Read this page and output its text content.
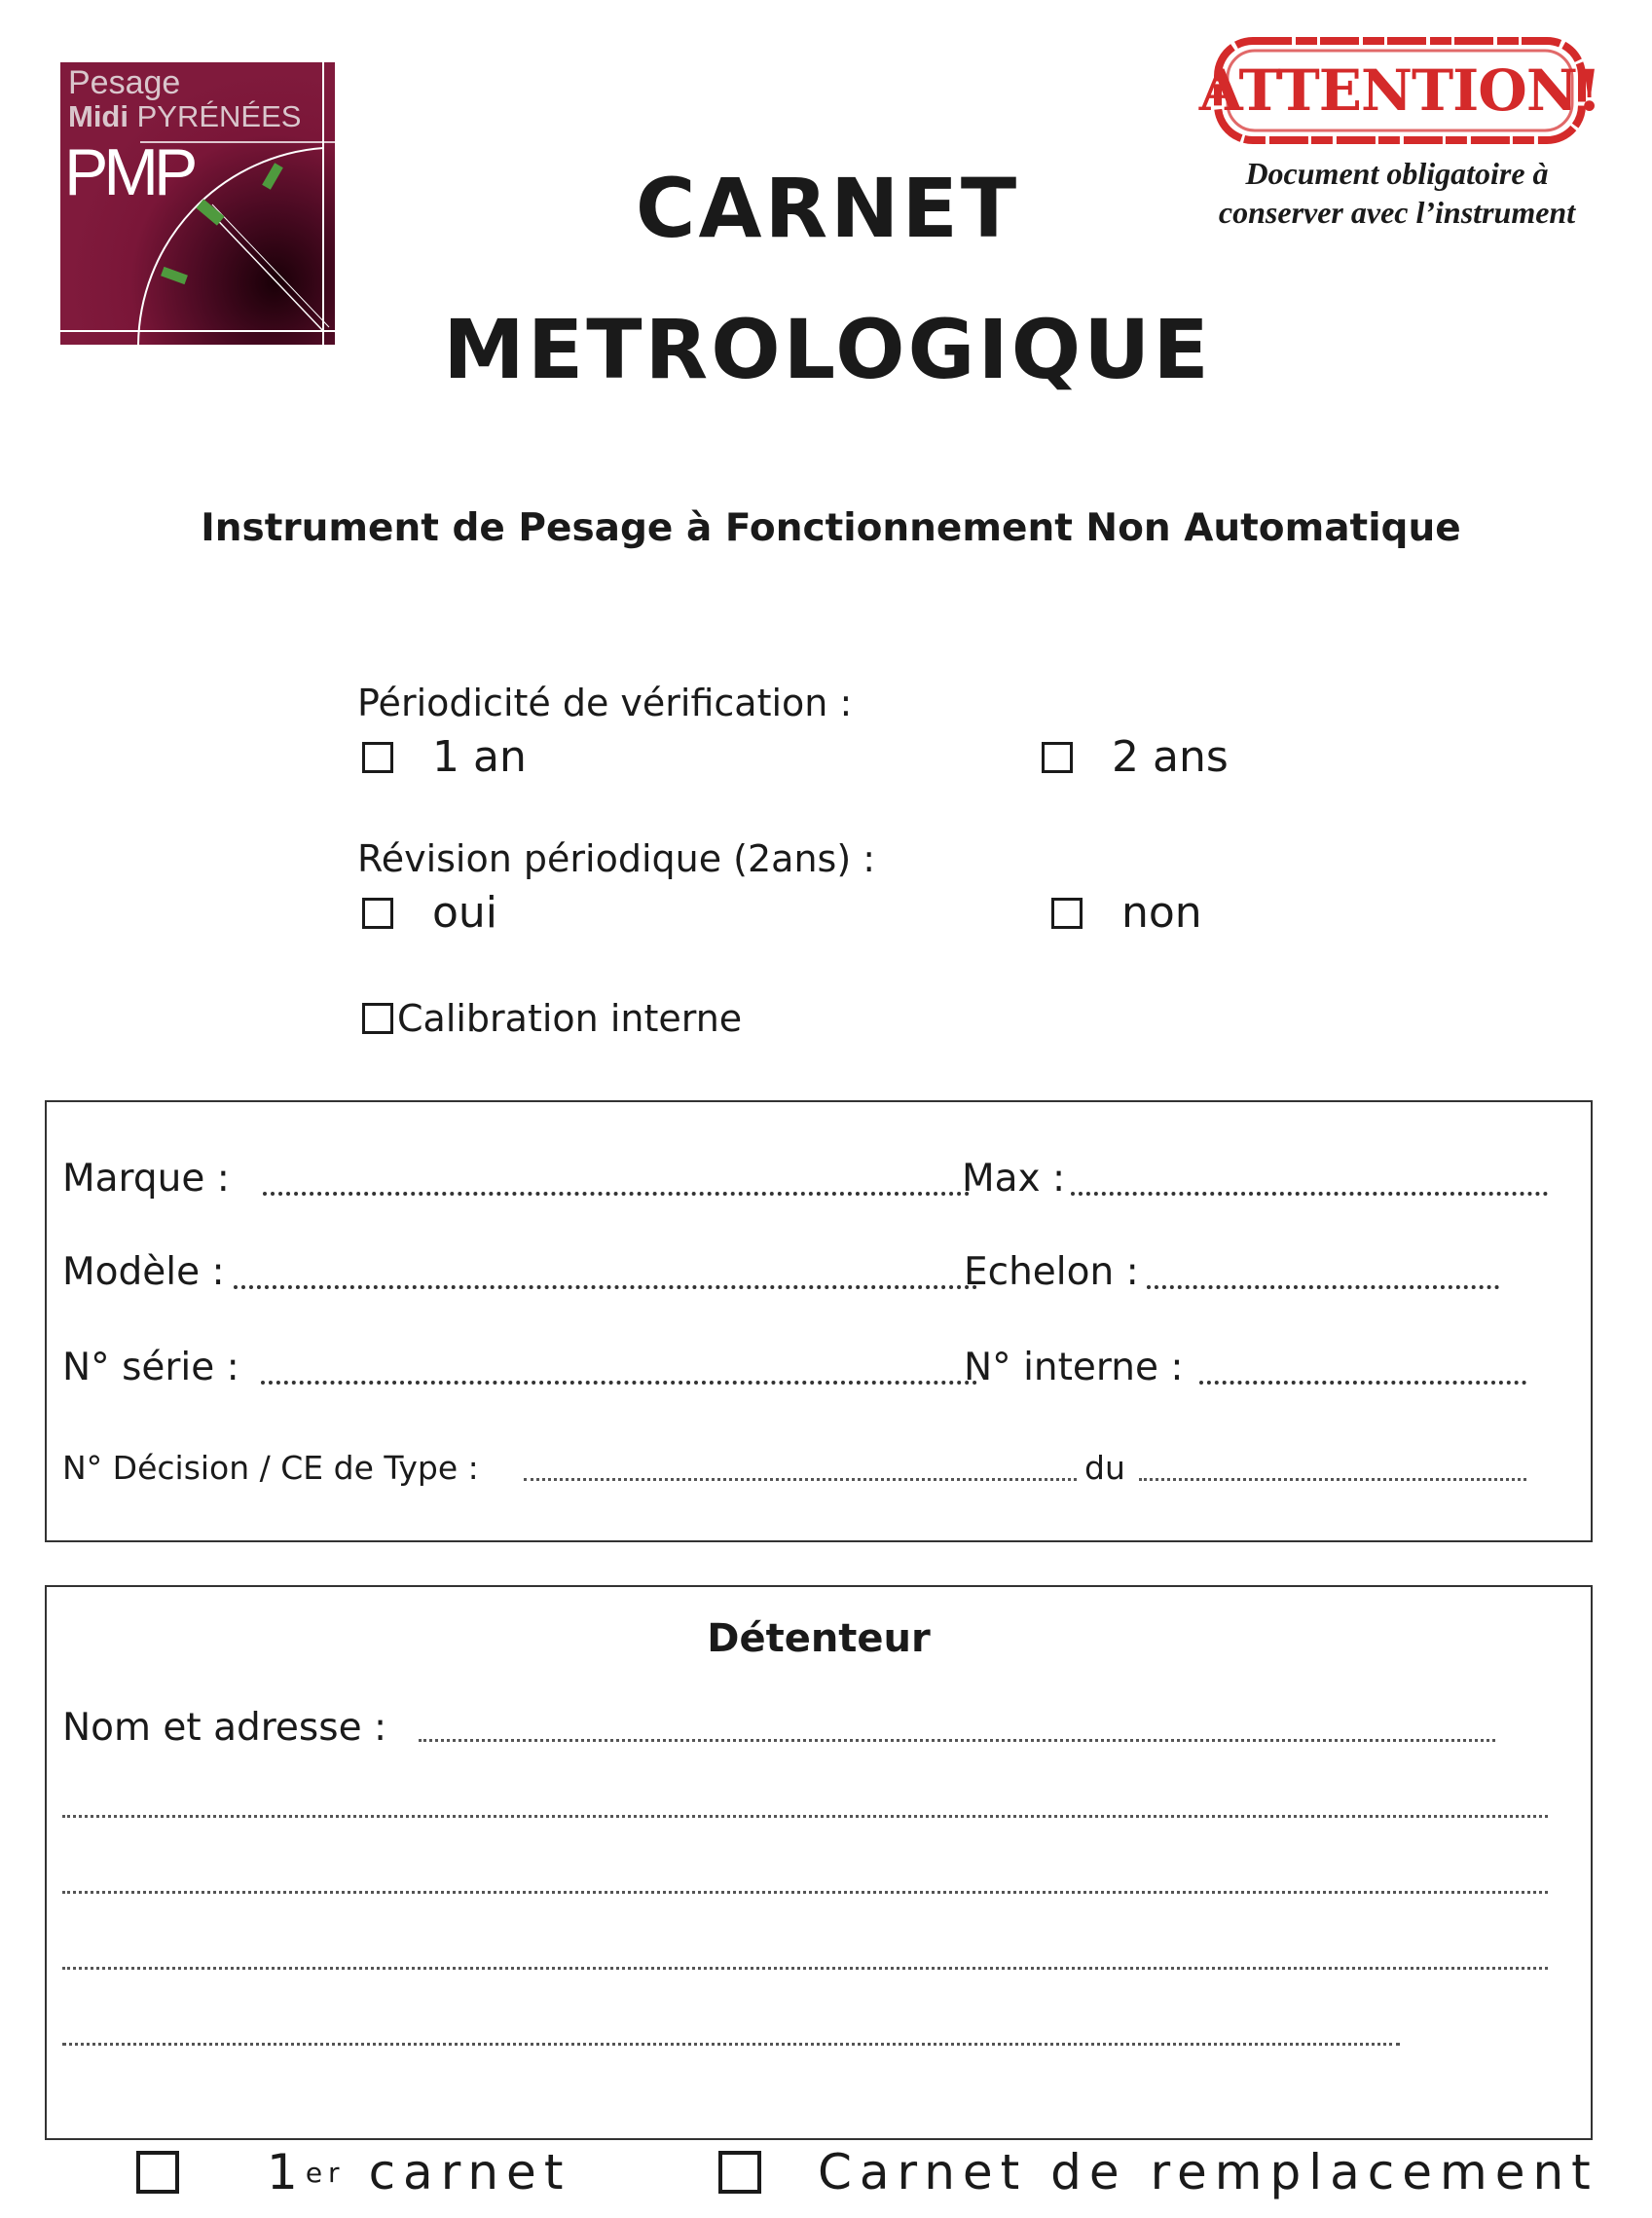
Pesage
Midi PYRÉNÉES
PMP	CARNET
METROLOGIQUE
ATTENTION!
Document obligatoire à
conserver avec l’instrument
Instrument de Pesage à Fonctionnement Non Automatique
Périodicité de vérification :
1 an	2 ans
Révision périodique (2ans) :
oui	non
Calibration interne
Marque :	Max :
Modèle :	Echelon :
N° série :	N° interne :
N° Décision / CE de Type :	du
Détenteur
Nom et adresse :
1 er carnet	Carnet de remplacement
